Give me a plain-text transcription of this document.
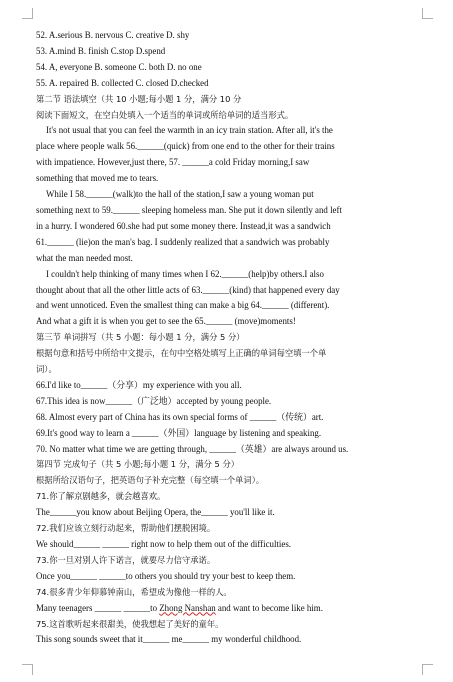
52. A.serious B. nervous C. creative D. shy
53. A.mind B. finish C.stop D.spend
54. A, everyone B. someone C. both D. no one
55. A. repaired B. collected C. closed D.checked
第二节 语法填空（共 10 小题;每小题 1 分，满分 10 分
阅读下面短文，在空白处填入一个适当的单词或所给单词的适当形式。
It's not usual that you can feel the warmth in an icy train station. After all, it's the
place where people walk 56.______(quick) from one end to the other for their trains
with impatience. However,just there, 57. ______a cold Friday morning,I saw
something that moved me to tears.
While I 58.______(walk)to the hall of the station,I saw a young woman put
something next to 59.______ sleeping homeless man. She put it down silently and left
in a hurry. I wondered 60.she had put some money there. Instead,it was a sandwich
61.______ (lie)on the man's bag. I suddenly realized that a sandwich was probably
what the man needed most.
I couldn't help thinking of many times when I 62.______(help)by others.I also
thought about that all the other little acts of 63.______(kind) that happened every day
and went unnoticed. Even the smallest thing can make a big 64.______ (different).
And what a gift it is when you get to see the 65.______ (move)moments!
第三节 单词拼写（共 5 小题：每小题 1 分，满分 5 分）
根据句意和括号中所给中文提示，在句中空格处填写上正确的单词每空填一个单
词）。
66.I'd like to______（分享）my experience with you all.
67.This idea is now______（广泛地）accepted by young people.
68. Almost every part of China has its own special forms of ______（传统）art.
69.It's good way to learn a ______（外国）language by listening and speaking.
70. No matter what time we are getting through, ______（英雄）are always around us.
第四节 完成句子（共 5 小题;每小题 1 分，满分 5 分）
根据所给汉语句子，把英语句子补充完整（每空填一个单词）。
71.你了解京剧越多，就会越喜欢。
The______you know about Beijing Opera, the______ you'll like it.
72.我们应该立刻行动起来，帮助他们摆脱困境。
We should______ ______ right now to help them out of the difficulties.
73.你一旦对别人许下诺言，就要尽力信守承诺。
Once you______ ______to others you should try your best to keep them.
74.很多青少年仰慕钟南山，希望成为像他一样的人。
Many teenagers ______ ______to Zhong Nanshan and want to become like him.
75.这首歌听起来很甜美，使我想起了美好的童年。
This song sounds sweet that it______ me______ my wonderful childhood.
